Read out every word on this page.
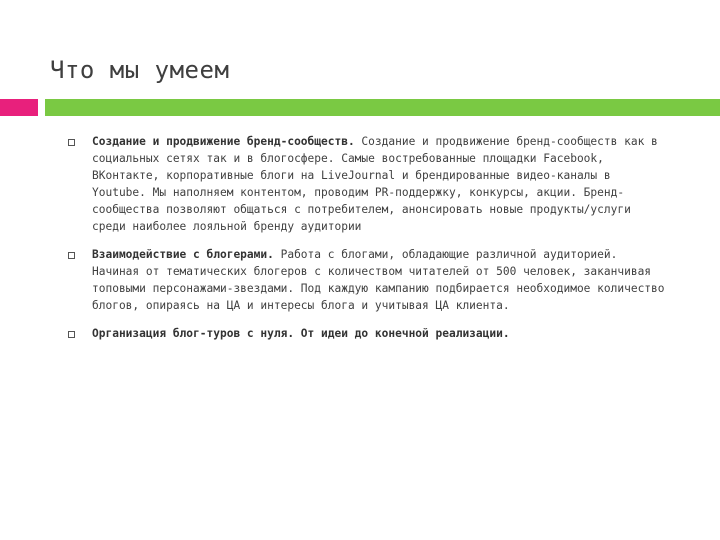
Что мы умеем
Создание и продвижение бренд-сообществ. Создание и продвижение бренд-сообществ как в социальных сетях так и в блогосфере. Самые востребованные площадки Facebook, ВКонтакте, корпоративные блоги на LiveJournal и брендированные видео-каналы в Youtube. Мы наполняем контентом, проводим PR-поддержку, конкурсы, акции. Бренд-сообщества позволяют общаться с потребителем, анонсировать новые продукты/услуги среди наиболее лояльной бренду аудитории
Взаимодействие с блогерами. Работа с блогами, обладающие различной аудиторией. Начиная от тематических блогеров с количеством читателей от 500 человек, заканчивая топовыми персонажами-звездами. Под каждую кампанию подбирается необходимое количество блогов, опираясь на ЦА и интересы блога и учитывая ЦА клиента.
Организация блог-туров с нуля. От идеи до конечной реализации.
